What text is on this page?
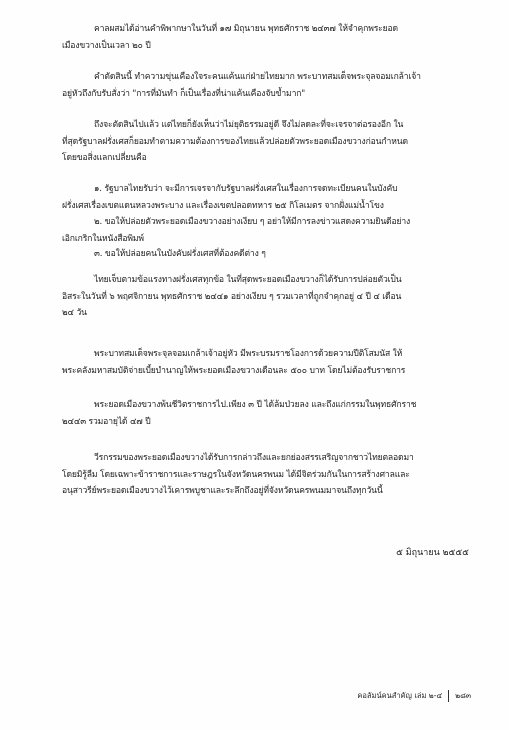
คาลผสมได้อ่านคำพิพากษาในวันที่ ๑๗ มิถุนายน พุทธศักราช ๒๔๓๗ ให้จำคุกพระยอด
เมืองขวางเป็นเวลา ๒๐ ปี
คำตัดสินนี้ ทำความขุ่นเคืองใจระคนแค้นแก่ฝ่ายไทยมาก พระบาทสมเด็จพระจุลจอมเกล้าเจ้า
อยู่หัวถึงกับรับสั่งว่า "การที่มันทำ ก็เป็นเรื่องที่น่าแค้นเคืองจับข้ำมาก"
ถึงจะตัดสินไปแล้ว แต่ไทยก็ยังเห็นว่าไม่ยุติธรรมอยู่ดี จึงไม่ลดละที่จะเจรจาต่อรองอีก ใน
ที่สุดรัฐบาลฝรั่งเศสก็ยอมทำตามความต้องการของไทยแล้วปล่อยตัวพระยอดเมืองขวางก่อนกำหนด
โดยขอสิ่งแลกเปลี่ยนคือ
๑. รัฐบาลไทยรับว่า จะมีการเจรจากับรัฐบาลฝรั่งเศสในเรื่องการจดทะเบียนคนในบังคับ
ฝรั่งเศสเรื่องเขตแดนหลวงพระบาง และเรื่องเขตปลอดทหาร ๒๕ กิโลเมตร จากฝั่งแม่น้ำโขง
๒. ขอให้ปล่อยตัวพระยอดเมืองขวางอย่างเงียบ ๆ อย่าให้มีการลงข่าวแสดงความยินดีอย่าง
เอิกเกริกในหนังสือพิมพ์
๓. ขอให้ปล่อยคนในบังคับฝรั่งเศสที่ต้องคดีต่าง ๆ
ไทยเจ็บตามข้อแรงทางฝรั่งเศสทุกข้อ ในที่สุดพระยอดเมืองขวางก็ได้รับการปล่อยตัวเป็น
อิสระในวันที่ ๖ พฤศจิกายน พุทธศักราช ๒๔๔๑ อย่างเงียบ ๆ รวมเวลาที่ถูกจำคุกอยู่ ๔ ปี ๔ เดือน
๒๔ วัน
พระบาทสมเด็จพระจุลจอมเกล้าเจ้าอยู่หัว มีพระบรมราชโองการด้วยความปีติโสมนัส ให้
พระคลังมหาสมบัติจ่ายเบี้ยบำนาญให้พระยอดเมืองขวางเดือนละ ๕๐๐ บาท โดยไม่ต้องรับราชการ
พระยอดเมืองขวางพ้นชีวิตราชการไป.เพียง ๓ ปี ได้ล้มป่วยลง และถึงแก่กรรมในพุทธศักราช
๒๔๔๓ รวมอายุได้ ๔๗ ปี
วีรกรรมของพระยอดเมืองขวางได้รับการกล่าวถึงและยกย่องสรรเสริญจากชาวไทยตลอดมา
โดยมิรู้ลืม โดยเฉพาะข้าราชการและราษฎรในจังหวัดนครพนม ได้มีจิตร่วมกันในการสร้างศาลและ
อนุสาวรีย์พระยอดเมืองขวางไว้เคารพบูชาและระลึกถึงอยู่ที่จังหวัดนครพนมมาจนถึงทุกวันนี้
๕ มิถุนายน ๒๕๕๕
คอลัมน์คนสำคัญ เล่ม ๒-๔ ๒๘๓
